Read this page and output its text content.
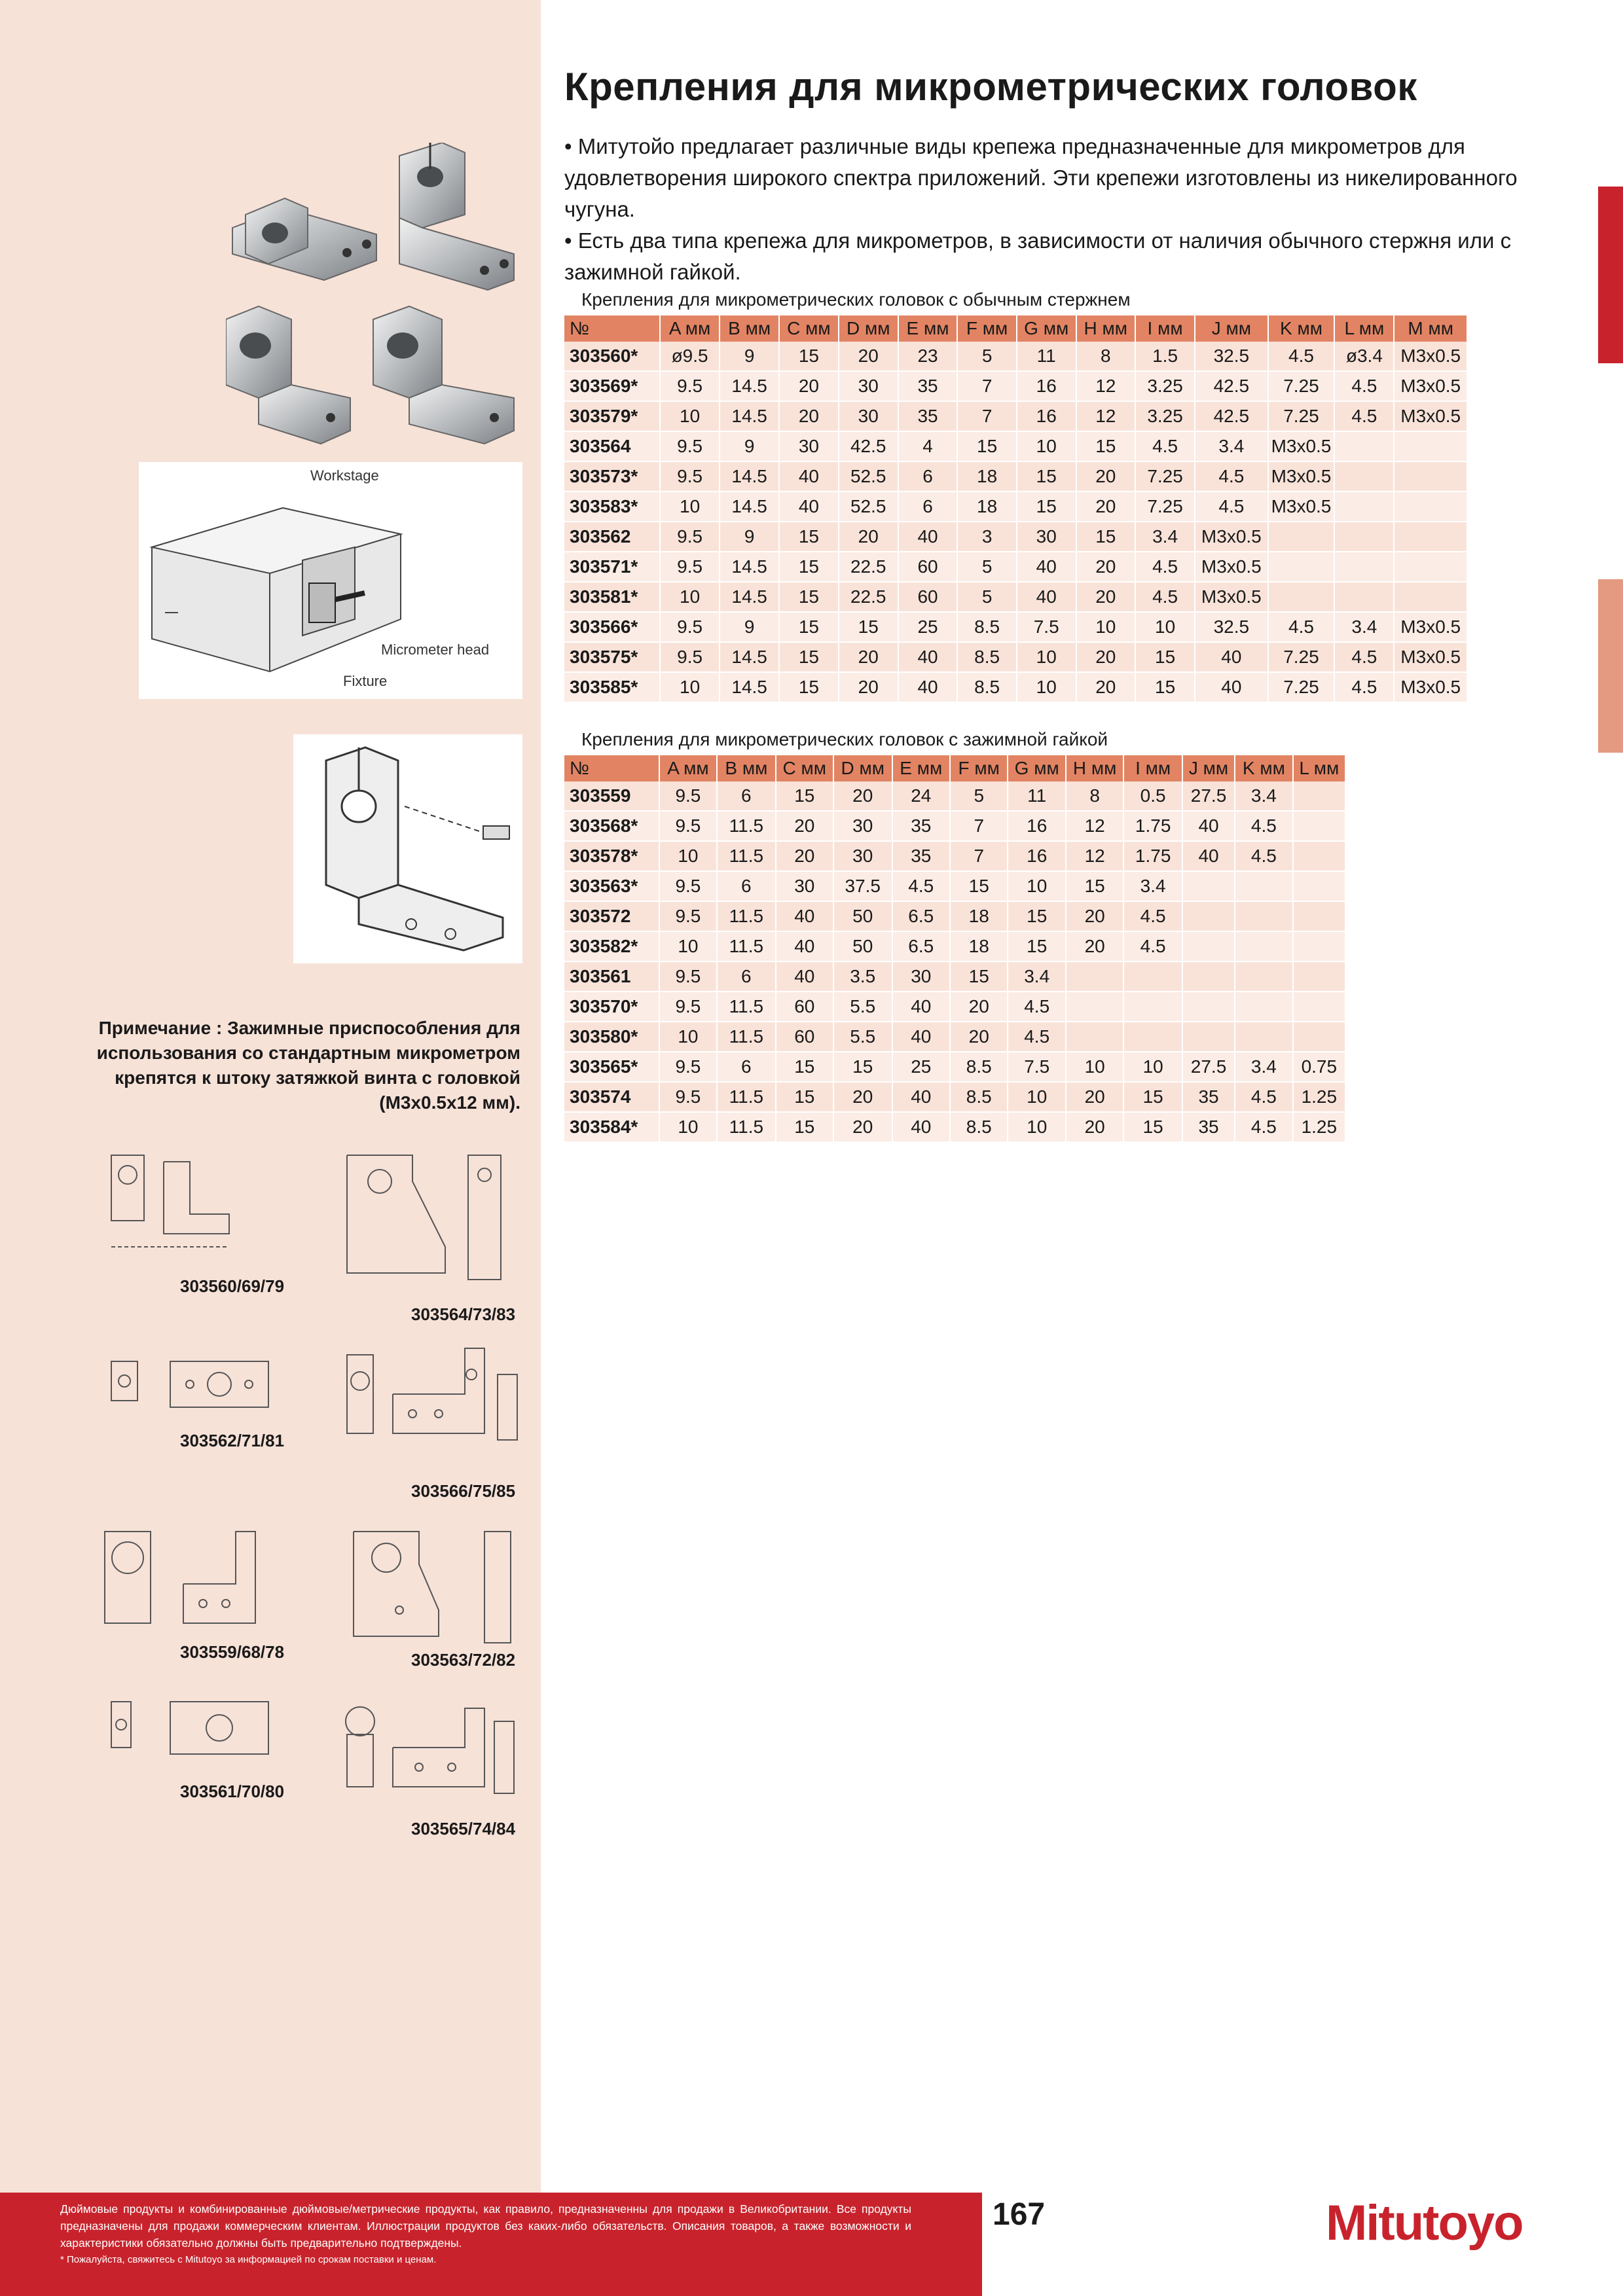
Крепления для микрометрических головок

• Митутойо предлагает различные виды крепежа предназначенные для микрометров для удовлетворения широкого спектра приложений. Эти крепежи изготовлены из никелированного чугуна.

• Есть два типа крепежа для микрометров, в зависимости от наличия обычного стержня или с зажимной гайкой.

Workstage
Micrometer head
Fixture
Примечание : Зажимные приспособления для использования со стандартным микрометром крепятся к штоку затяжкой винта с головкой (M3x0.5x12 мм).
303560/69/79
303564/73/83
303562/71/81
303566/75/85
303559/68/78	303563/72/82
303561/70/80
303565/74/84
Крепления для микрометрических головок с обычным стержнем
№	A мм	B мм	C мм	D мм	E мм	F мм	G мм	H мм	I мм	J мм	K мм	L мм	M мм
303560*	ø9.5	9	15	20	23	5	11	8	1.5	32.5	4.5	ø3.4	M3x0.5
303569*	9.5	14.5	20	30	35	7	16	12	3.25	42.5	7.25	4.5	M3x0.5
303579*	10	14.5	20	30	35	7	16	12	3.25	42.5	7.25	4.5	M3x0.5
303564	9.5	9	30	42.5	4	15	10	15	4.5	3.4	M3x0.5		
303573*	9.5	14.5	40	52.5	6	18	15	20	7.25	4.5	M3x0.5		
303583*	10	14.5	40	52.5	6	18	15	20	7.25	4.5	M3x0.5		
303562	9.5	9	15	20	40	3	30	15	3.4	M3x0.5			
303571*	9.5	14.5	15	22.5	60	5	40	20	4.5	M3x0.5			
303581*	10	14.5	15	22.5	60	5	40	20	4.5	M3x0.5			
303566*	9.5	9	15	15	25	8.5	7.5	10	10	32.5	4.5	3.4	M3x0.5
303575*	9.5	14.5	15	20	40	8.5	10	20	15	40	7.25	4.5	M3x0.5
303585*	10	14.5	15	20	40	8.5	10	20	15	40	7.25	4.5	M3x0.5
Крепления для микрометрических головок с зажимной гайкой
№	A мм	B мм	C мм	D мм	E мм	F мм	G мм	H мм	I мм	J мм	K мм	L мм
303559	9.5	6	15	20	24	5	11	8	0.5	27.5	3.4	
303568*	9.5	11.5	20	30	35	7	16	12	1.75	40	4.5	
303578*	10	11.5	20	30	35	7	16	12	1.75	40	4.5	
303563*	9.5	6	30	37.5	4.5	15	10	15	3.4			
303572	9.5	11.5	40	50	6.5	18	15	20	4.5			
303582*	10	11.5	40	50	6.5	18	15	20	4.5			
303561	9.5	6	40	3.5	30	15	3.4					
303570*	9.5	11.5	60	5.5	40	20	4.5					
303580*	10	11.5	60	5.5	40	20	4.5					
303565*	9.5	6	15	15	25	8.5	7.5	10	10	27.5	3.4	0.75
303574	9.5	11.5	15	20	40	8.5	10	20	15	35	4.5	1.25
303584*	10	11.5	15	20	40	8.5	10	20	15	35	4.5	1.25

Дюймовые продукты и комбинированные дюймовые/метрические продукты, как правило, предназначенны для продажи в Великобритании. Все продукты предназначены для продажи коммерческим клиентам. Иллюстрации продуктов без каких-либо обязательств. Описания товаров, а также возможности и характеристики обязательно должны быть предварительно подтверждены.

* Пожалуйста, свяжитесь с Mitutoyo за информацией по срокам поставки и ценам.

167	Mitutoyo
